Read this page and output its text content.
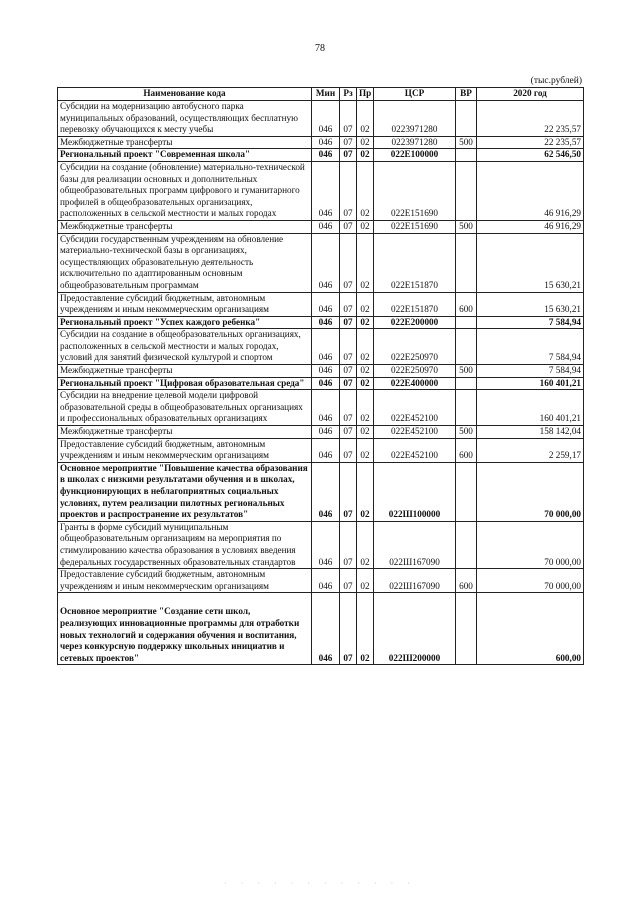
78
(тыс.рублей)
Наименование кода	Мин	Рз	Пр	ЦСР	ВР	2020 год
Субсидии на модернизацию автобусного парка муниципальных образований, осуществляющих бесплатную перевозку обучающихся к месту учебы	046	07	02	0223971280		22 235,57
Межбюджетные трансферты	046	07	02	0223971280	500	22 235,57
Региональный проект "Современная школа"	046	07	02	022Е100000		62 546,50
Субсидии на создание (обновление) материально-технической базы для реализации основных и дополнительных общеобразовательных программ цифрового и гуманитарного профилей в общеобразовательных организациях, расположенных в сельской местности и малых городах	046	07	02	022Е151690		46 916,29
Межбюджетные трансферты	046	07	02	022Е151690	500	46 916,29
Субсидии государственным учреждениям на обновление материально-технической базы в организациях, осуществляющих образовательную деятельность исключительно по адаптированным основным общеобразовательным программам	046	07	02	022Е151870		15 630,21
Предоставление субсидий бюджетным, автономным учреждениям и иным некоммерческим организациям	046	07	02	022Е151870	600	15 630,21
Региональный проект "Успех каждого ребенка"	046	07	02	022Е200000		7 584,94
Субсидии на создание в общеобразовательных организациях, расположенных в сельской местности и малых городах, условий для занятий физической культурой и спортом	046	07	02	022Е250970		7 584,94
Межбюджетные трансферты	046	07	02	022Е250970	500	7 584,94
Региональный проект "Цифровая образовательная среда"	046	07	02	022Е400000		160 401,21
Субсидии на внедрение целевой модели цифровой образовательной среды в общеобразовательных организациях и профессиональных образовательных организациях	046	07	02	022Е452100		160 401,21
Межбюджетные трансферты	046	07	02	022Е452100	500	158 142,04
Предоставление субсидий бюджетным, автономным учреждениям и иным некоммерческим организациям	046	07	02	022Е452100	600	2 259,17
Основное мероприятие "Повышение качества образования в школах с низкими результатами обучения и в школах, функционирующих в неблагоприятных социальных условиях, путем реализации пилотных региональных проектов и распространение их результатов"	046	07	02	022Ш100000		70 000,00
Гранты в форме субсидий муниципальным общеобразовательным организациям на мероприятия по стимулированию качества образования в условиях введения федеральных государственных образовательных стандартов	046	07	02	022Ш167090		70 000,00
Предоставление субсидий бюджетным, автономным учреждениям и иным некоммерческим организациям	046	07	02	022Ш167090	600	70 000,00
Основное мероприятие "Создание сети школ, реализующих инновационные программы для отработки новых технологий и содержания обучения и воспитания, через конкурсную поддержку школьных инициатив и сетевых проектов"	046	07	02	022Ш200000		600,00
· · · · · · · · · · · ·
